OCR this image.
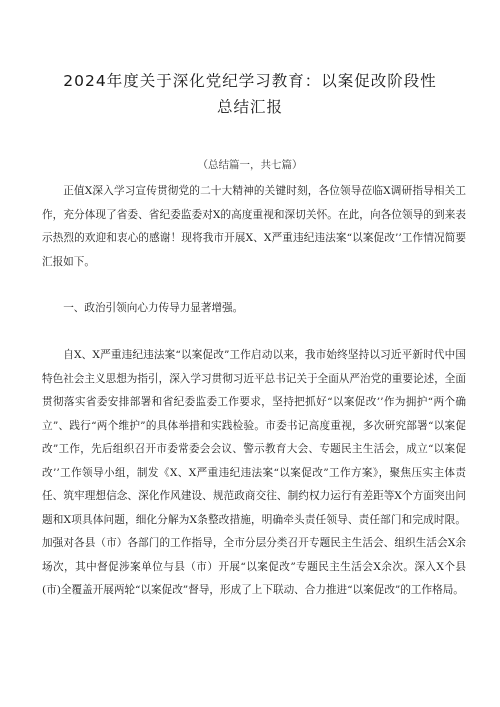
2024年度关于深化党纪学习教育：以案促改阶段性
总结汇报
（总结篇一，共七篇）

正值X深入学习宣传贯彻党的二十大精神的关键时刻，各位领导莅临X调研指导相关工作，充分体现了省委、省纪委监委对X的高度重视和深切关怀。在此，向各位领导的到来表示热烈的欢迎和衷心的感谢！现将我市开展X、X严重违纪违法案“以案促改’’工作情况简要汇报如下。

一、政治引领向心力传导力显著增强。

自X、X严重违纪违法案“以案促改”工作启动以来，我市始终坚持以习近平新时代中国特色社会主义思想为指引，深入学习贯彻习近平总书记关于全面从严治党的重要论述，全面贯彻落实省委安排部署和省纪委监委工作要求，坚持把抓好“以案促改’’作为拥护“两个确立”、践行“两个维护”的具体举措和实践检验。市委书记高度重视，多次研究部署“以案促改”工作，先后组织召开市委常委会会议、警示教育大会、专题民主生活会，成立“以案促改’’工作领导小组，制发《X、X严重违纪违法案“以案促改”工作方案》，聚焦压实主体责任、筑牢理想信念、深化作风建设、规范政商交往、制约权力运行有差距等X个方面突出问题和X项具体问题，细化分解为X条整改措施，明确牵头责任领导、责任部门和完成时限。加强对各县（市）各部门的工作指导，全市分层分类召开专题民主生活会、组织生活会X余场次，其中督促涉案单位与县（市）开展“以案促改”专题民主生活会X余次。深入X个县(市)全覆盖开展两轮“以案促改”督导，形成了上下联动、合力推进“以案促改”的工作格局。
